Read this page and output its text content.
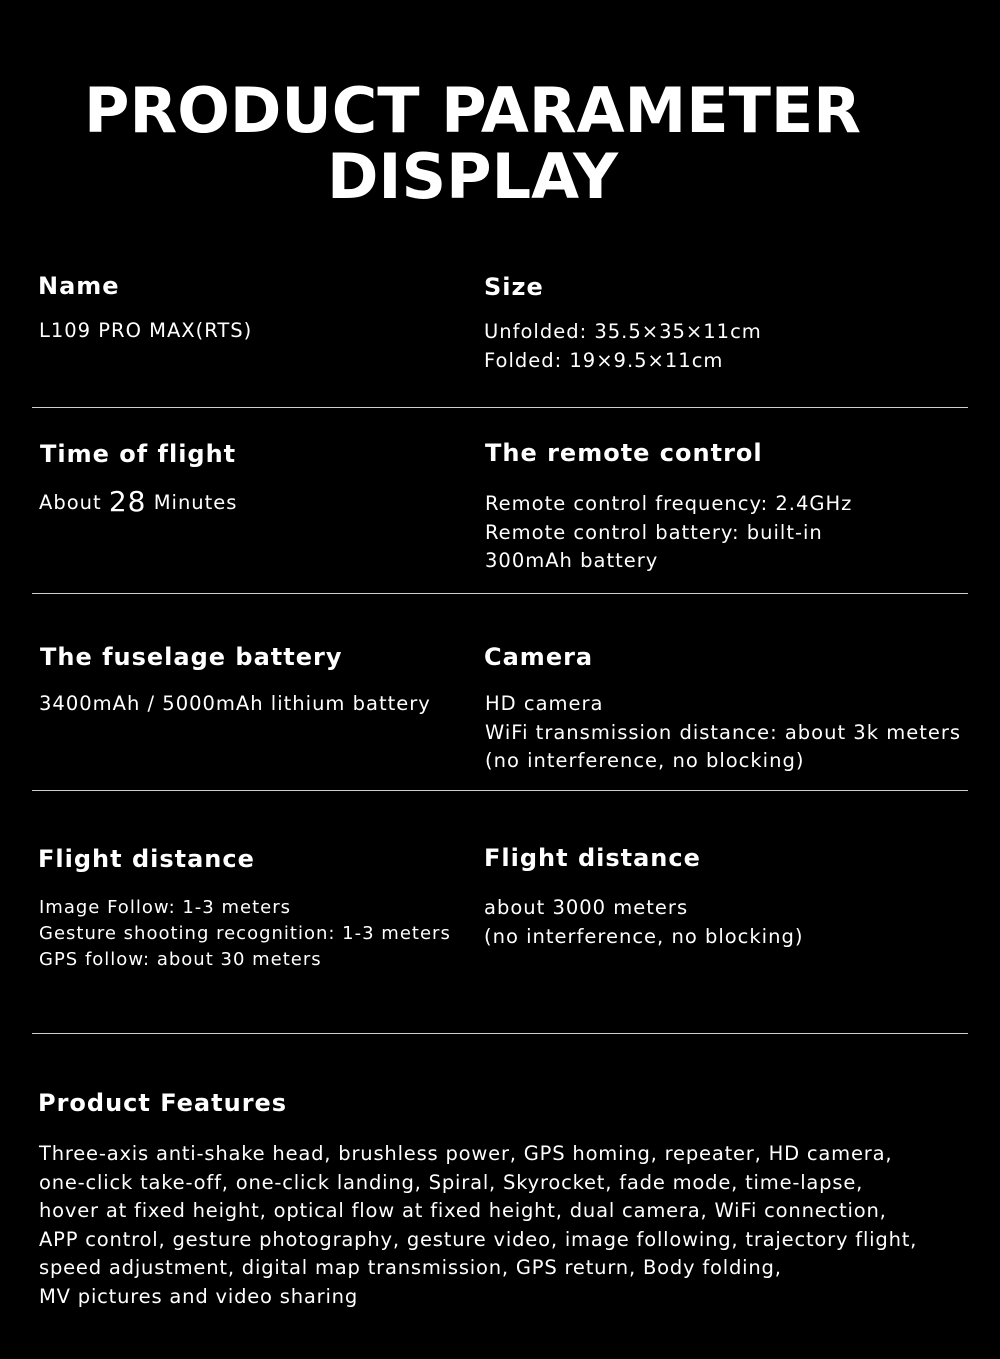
PRODUCT PARAMETER
DISPLAY
Name
L109 PRO MAX(RTS)
Size
Unfolded: 35.5×35×11cm
Folded: 19×9.5×11cm
Time of flight
About 28 Minutes
The remote control
Remote control frequency: 2.4GHz
Remote control battery: built-in
300mAh battery
The fuselage battery
3400mAh / 5000mAh lithium battery
Camera
HD camera
WiFi transmission distance: about 3k meters
(no interference, no blocking)
Flight distance
Image Follow: 1-3 meters
Gesture shooting recognition: 1-3 meters
GPS follow: about 30 meters
Flight distance
about 3000 meters
(no interference, no blocking)
Product Features
Three-axis anti-shake head, brushless power, GPS homing, repeater, HD camera,
one-click take-off, one-click landing, Spiral, Skyrocket, fade mode, time-lapse,
hover at fixed height, optical flow at fixed height, dual camera, WiFi connection,
APP control, gesture photography, gesture video, image following, trajectory flight,
speed adjustment, digital map transmission, GPS return, Body folding,
MV pictures and video sharing
